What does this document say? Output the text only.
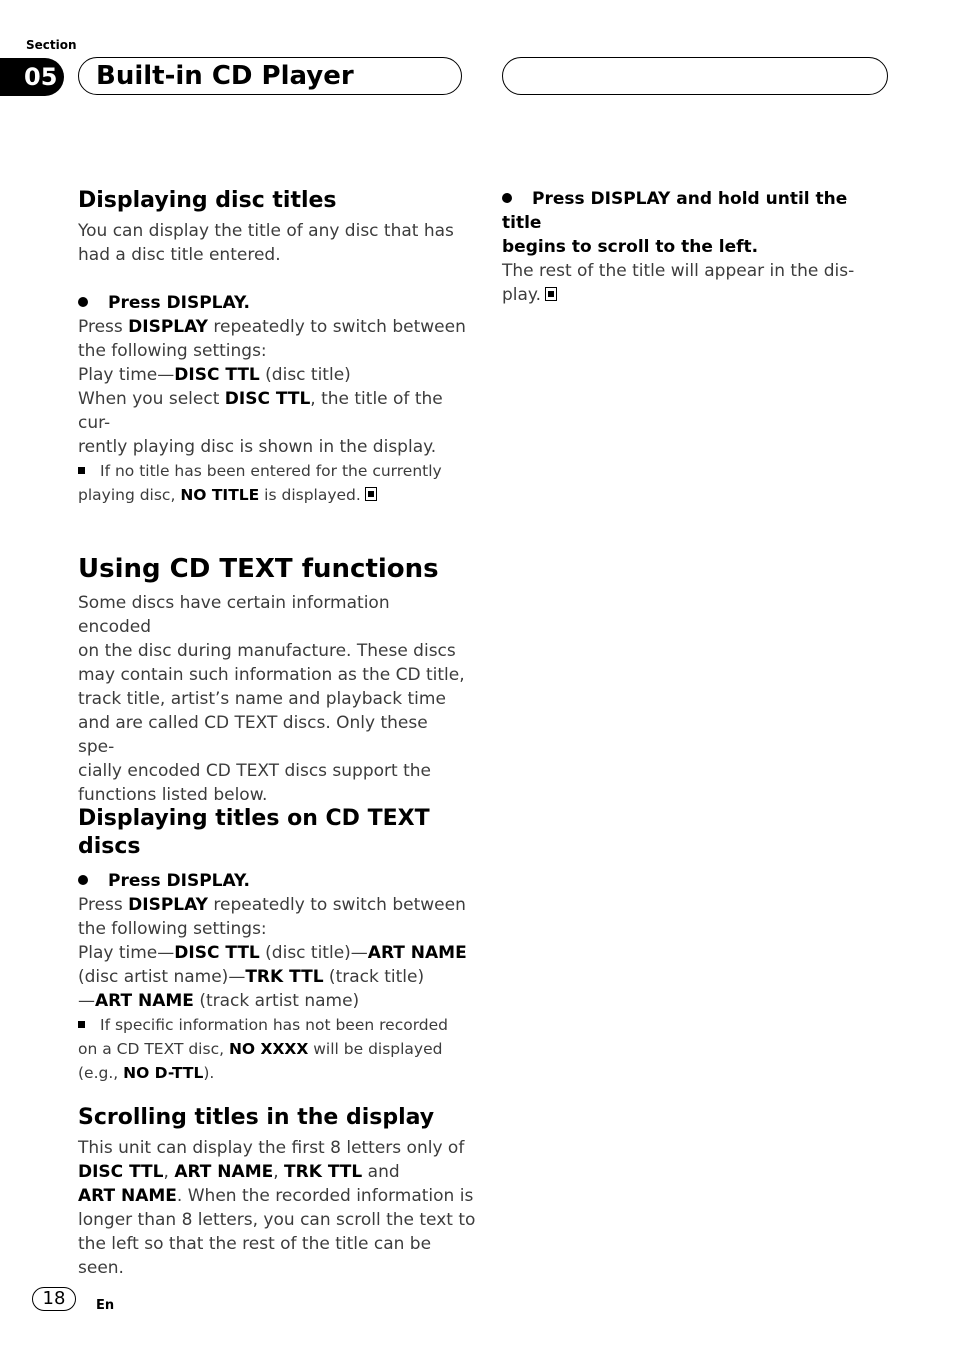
Section
05 Built-in CD Player

Displaying disc titles

You can display the title of any disc that has

had a disc title entered.

Press DISPLAY.

Press DISPLAY repeatedly to switch between

the following settings:

Play time—DISC TTL (disc title)

When you select DISC TTL, the title of the cur-

rently playing disc is shown in the display.

If no title has been entered for the currently

playing disc, NO TITLE is displayed.

Using CD TEXT functions

Some discs have certain information encoded

on the disc during manufacture. These discs

may contain such information as the CD title,

track title, artist’s name and playback time

and are called CD TEXT discs. Only these spe-

cially encoded CD TEXT discs support the

functions listed below.

Displaying titles on CD TEXT discs

Press DISPLAY.

Press DISPLAY repeatedly to switch between

the following settings:

Play time—DISC TTL (disc title)—ART NAME

(disc artist name)—TRK TTL (track title)

—ART NAME (track artist name)

If specific information has not been recorded

on a CD TEXT disc, NO XXXX will be displayed

(e.g., NO D-TTL).

Scrolling titles in the display

This unit can display the first 8 letters only of

DISC TTL, ART NAME, TRK TTL and

ART NAME. When the recorded information is

longer than 8 letters, you can scroll the text to

the left so that the rest of the title can be seen.

Press DISPLAY and hold until the title

begins to scroll to the left.

The rest of the title will appear in the dis-

play.

18	En
